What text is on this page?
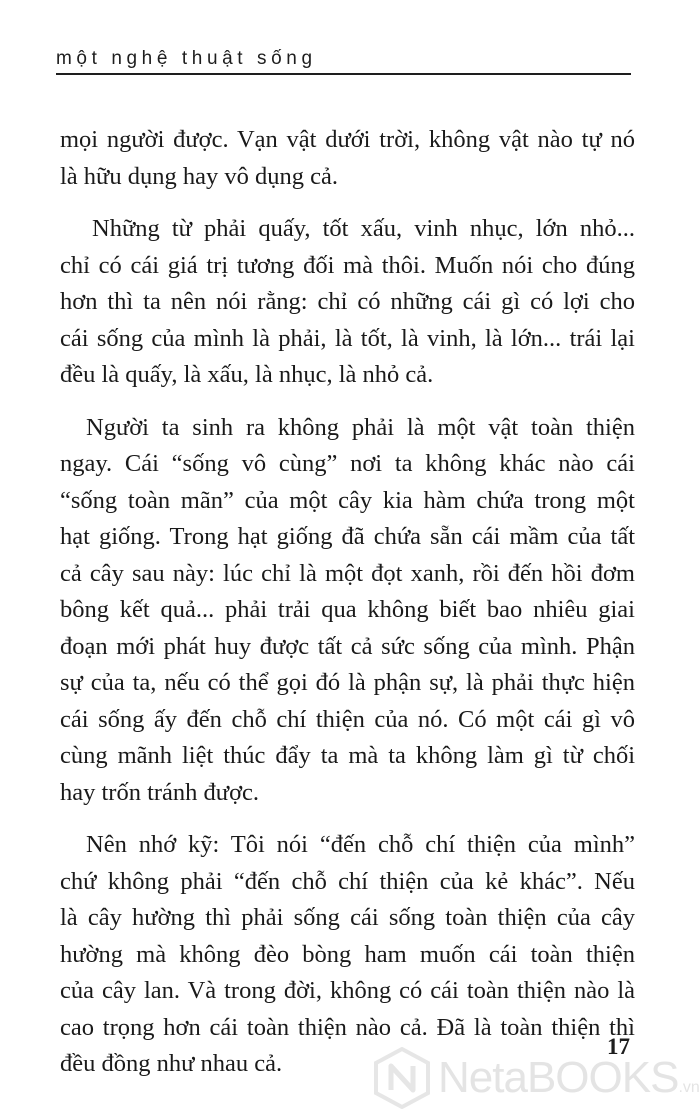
một nghệ thuật sống

mọi người được. Vạn vật dưới trời, không vật nào tự nó
là hữu dụng hay vô dụng cả.

Những từ phải quấy, tốt xấu, vinh nhục, lớn nhỏ...
chỉ có cái giá trị tương đối mà thôi. Muốn nói cho đúng
hơn thì ta nên nói rằng: chỉ có những cái gì có lợi cho
cái sống của mình là phải, là tốt, là vinh, là lớn... trái lại
đều là quấy, là xấu, là nhục, là nhỏ cả.

Người ta sinh ra không phải là một vật toàn thiện
ngay. Cái “sống vô cùng” nơi ta không khác nào cái
“sống toàn mãn” của một cây kia hàm chứa trong một
hạt giống. Trong hạt giống đã chứa sẵn cái mầm của tất
cả cây sau này: lúc chỉ là một đọt xanh, rồi đến hồi đơm
bông kết quả... phải trải qua không biết bao nhiêu giai
đoạn mới phát huy được tất cả sức sống của mình. Phận
sự của ta, nếu có thể gọi đó là phận sự, là phải thực hiện
cái sống ấy đến chỗ chí thiện của nó. Có một cái gì vô
cùng mãnh liệt thúc đẩy ta mà ta không làm gì từ chối
hay trốn tránh được.

Nên nhớ kỹ: Tôi nói “đến chỗ chí thiện của mình”
chứ không phải “đến chỗ chí thiện của kẻ khác”. Nếu
là cây hường thì phải sống cái sống toàn thiện của cây
hường mà không đèo bòng ham muốn cái toàn thiện
của cây lan. Và trong đời, không có cái toàn thiện nào là
cao trọng hơn cái toàn thiện nào cả. Đã là toàn thiện thì
đều đồng như nhau cả.

17
NetaBOOKS.vn
